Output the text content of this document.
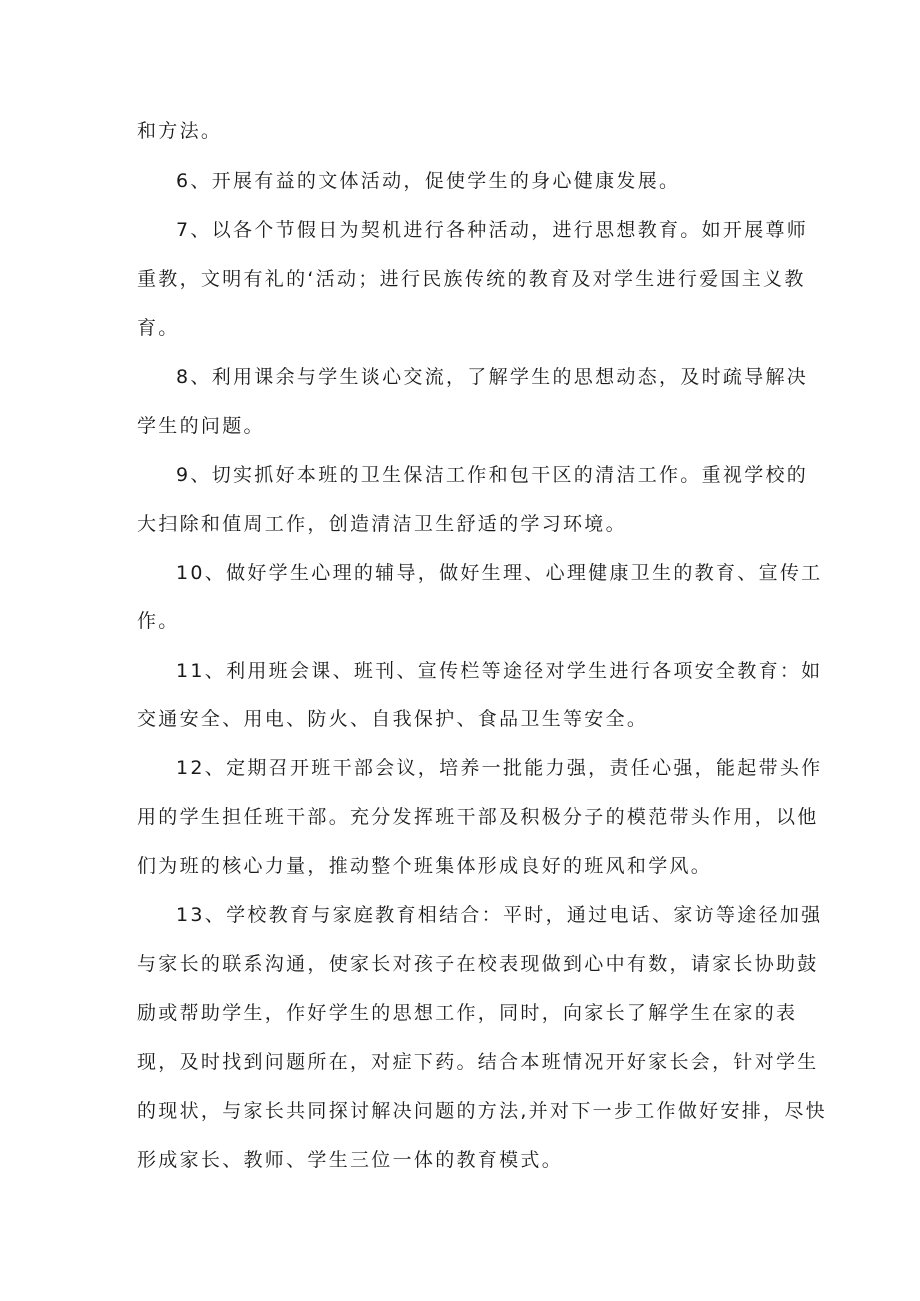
和方法。
6、开展有益的文体活动，促使学生的身心健康发展。
7、以各个节假日为契机进行各种活动，进行思想教育。如开展尊师
重教，文明有礼的‘活动；进行民族传统的教育及对学生进行爱国主义教
育。
8、利用课余与学生谈心交流，了解学生的思想动态，及时疏导解决
学生的问题。
9、切实抓好本班的卫生保洁工作和包干区的清洁工作。重视学校的
大扫除和值周工作，创造清洁卫生舒适的学习环境。
10、做好学生心理的辅导，做好生理、心理健康卫生的教育、宣传工
作。
11、利用班会课、班刊、宣传栏等途径对学生进行各项安全教育：如
交通安全、用电、防火、自我保护、食品卫生等安全。
12、定期召开班干部会议，培养一批能力强，责任心强，能起带头作
用的学生担任班干部。充分发挥班干部及积极分子的模范带头作用，以他
们为班的核心力量，推动整个班集体形成良好的班风和学风。
13、学校教育与家庭教育相结合：平时，通过电话、家访等途径加强
与家长的联系沟通，使家长对孩子在校表现做到心中有数，请家长协助鼓
励或帮助学生，作好学生的思想工作，同时，向家长了解学生在家的表
现，及时找到问题所在，对症下药。结合本班情况开好家长会，针对学生
的现状，与家长共同探讨解决问题的方法,并对下一步工作做好安排，尽快
形成家长、教师、学生三位一体的教育模式。
